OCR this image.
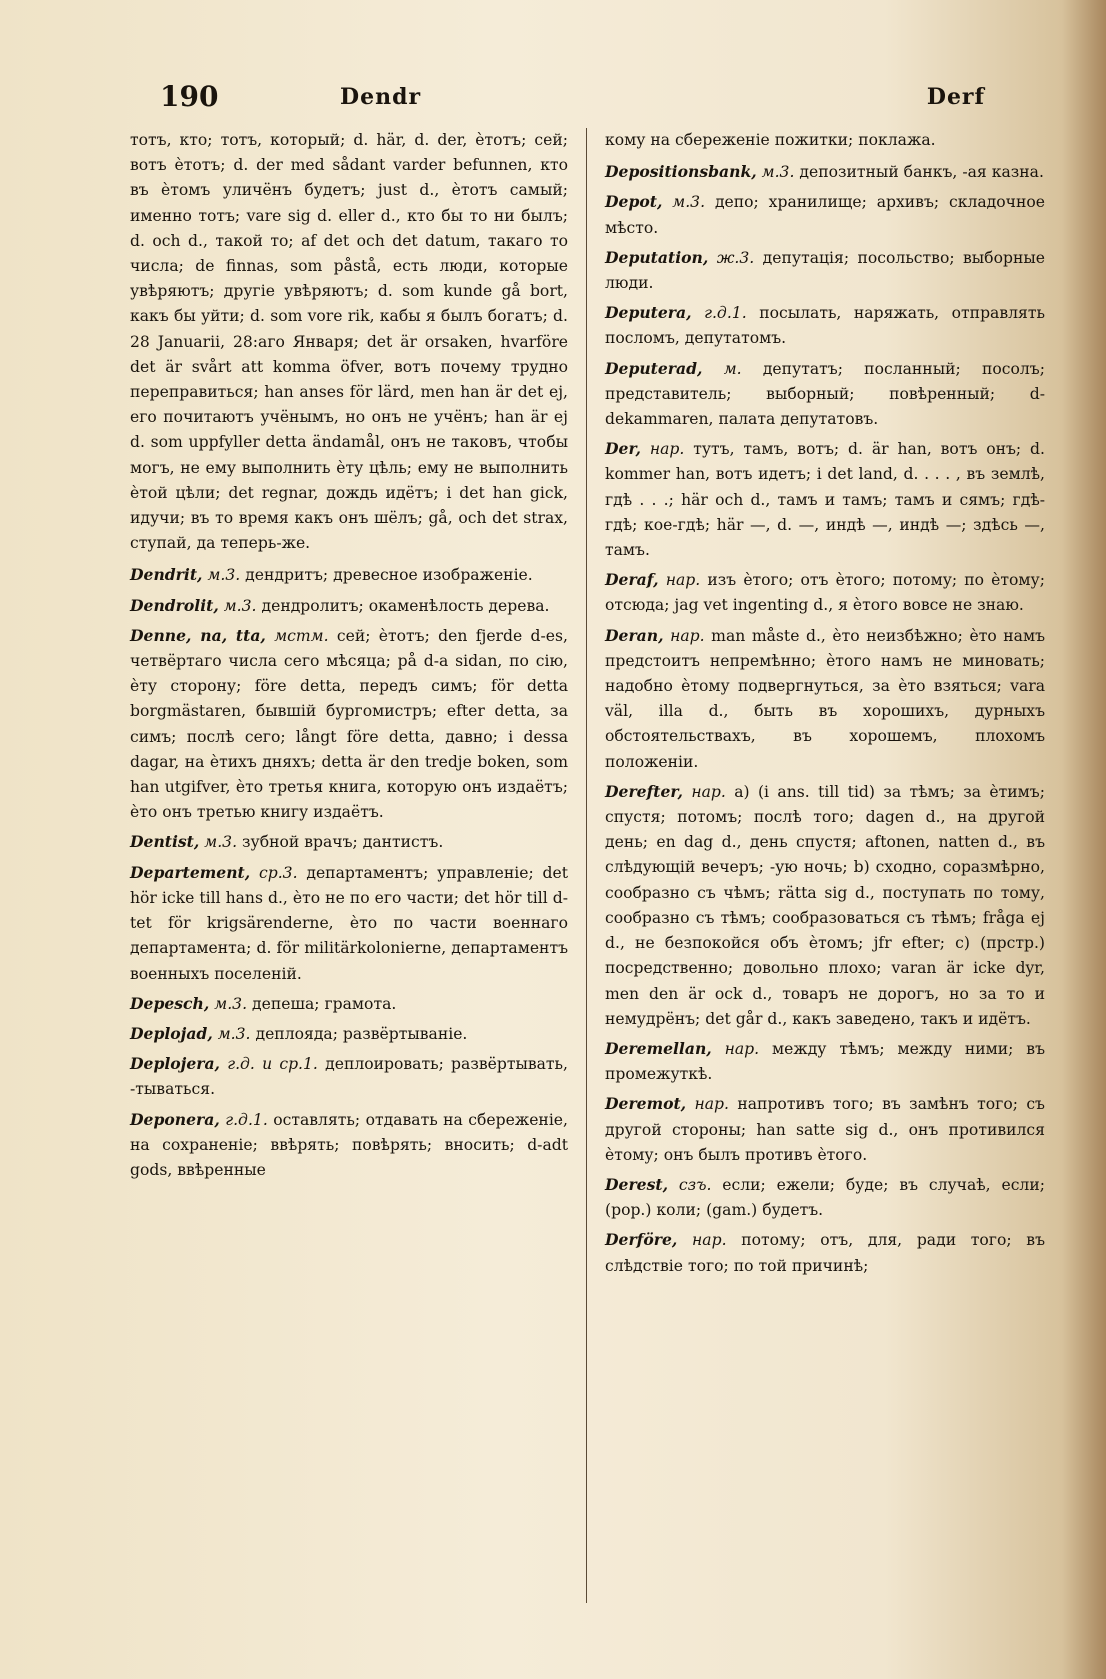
190	Dendr	Derf

тотъ, кто; тотъ, который; d. här, d. der, ѐтотъ; сей; вотъ ѐтотъ; d. der med sådant varder befunnen, кто въ ѐтомъ уличёнъ будетъ; just d., ѐтотъ самый; именно тотъ; vare sig d. eller d., кто бы то ни былъ; d. och d., такой то; af det och det datum, такаго то числа; de finnas, som påstå, есть люди, которые увѣряютъ; другіе увѣряютъ; d. som kunde gå bort, какъ бы уйти; d. som vore rik, кабы я былъ богатъ; d. 28 Januarii, 28:аго Января; det är orsaken, hvarföre det är svårt att komma öfver, вотъ почему трудно переправиться; han anses för lärd, men han är det ej, его почитаютъ учёнымъ, но онъ не учёнъ; han är ej d. som uppfyller detta ändamål, онъ не таковъ, чтобы могъ, не ему выполнить ѐту цѣль; ему не выполнить ѐтой цѣли; det regnar, дождь идётъ; i det han gick, идучи; въ то время какъ онъ шёлъ; gå, och det strax, ступай, да теперь-же.

Dendrit, м.3. дендритъ; древесное изображеніе.

Dendrolit, м.3. дендролитъ; окаменѣлость дерева.

Denne, na, tta, мстм. сей; ѐтотъ; den fjerde d-es, четвёртаго числа сего мѣсяца; på d-a sidan, по сію, ѐту сторону; före detta, передъ симъ; för detta borgmästaren, бывшій бургомистръ; efter detta, за симъ; послѣ сего; långt före detta, давно; i dessa dagar, на ѐтихъ дняхъ; detta är den tredje boken, som han utgifver, ѐто третья книга, которую онъ издаётъ; ѐто онъ третью книгу издаётъ.

Dentist, м.3. зубной врачъ; дантистъ.

Departement, ср.3. департаментъ; управленіе; det hör icke till hans d., ѐто не по его части; det hör till d-tet för krigsärenderne, ѐто по части военнаго департамента; d. för militärkolonierne, департаментъ военныхъ поселеній.

Depesch, м.3. депеша; грамота.

Deplojad, м.3. деплояда; развёртываніе.

Deplojera, г.д. и ср.1. деплоировать; развёртывать, -тываться.

Deponera, г.д.1. оставлять; отдавать на сбереженіе, на сохраненіе; ввѣрять; повѣрять; вносить; d-adt gods, ввѣренные

кому на сбереженіе пожитки; поклажа.

Depositionsbank, м.3. депозитный банкъ, -ая казна.

Depot, м.3. депо; хранилище; архивъ; складочное мѣсто.

Deputation, ж.3. депутація; посольство; выборные люди.

Deputera, г.д.1. посылать, наряжать, отправлять посломъ, депутатомъ.

Deputerad, м. депутатъ; посланный; посолъ; представитель; выборный; повѣренный; d-dekammaren, палата депутатовъ.

Der, нар. тутъ, тамъ, вотъ; d. är han, вотъ онъ; d. kommer han, вотъ идетъ; i det land, d. . . . , въ землѣ, гдѣ . . .; här och d., тамъ и тамъ; тамъ и сямъ; гдѣ-гдѣ; кое-гдѣ; här —, d. —, индѣ —, индѣ —; здѣсь —, тамъ.

Deraf, нар. изъ ѐтого; отъ ѐтого; потому; по ѐтому; отсюда; jag vet ingenting d., я ѐтого вовсе не знаю.

Deran, нар. man måste d., ѐто неизбѣжно; ѐто намъ предстоитъ непремѣнно; ѐтого намъ не миновать; надобно ѐтому подвергнуться, за ѐто взяться; vara väl, illa d., быть въ хорошихъ, дурныхъ обстоятельствахъ, въ хорошемъ, плохомъ положеніи.

Derefter, нар. a) (i ans. till tid) за тѣмъ; за ѐтимъ; спустя; потомъ; послѣ того; dagen d., на другой день; en dag d., день спустя; aftonen, natten d., въ слѣдующій вечеръ; -ую ночь; b) сходно, соразмѣрно, сообразно съ чѣмъ; rätta sig d., поступать по тому, сообразно съ тѣмъ; сообразоваться съ тѣмъ; fråga ej d., не безпокойся объ ѐтомъ; jfr efter; c) (прстр.) посредственно; довольно плохо; varan är icke dyr, men den är ock d., товаръ не дорогъ, но за то и немудрёнъ; det går d., какъ заведено, такъ и идётъ.

Deremellan, нар. между тѣмъ; между ними; въ промежуткѣ.

Deremot, нар. напротивъ того; въ замѣнъ того; съ другой стороны; han satte sig d., онъ противился ѐтому; онъ былъ противъ ѐтого.

Derest, сзъ. если; ежели; буде; въ случаѣ, если; (рор.) коли; (gam.) будетъ.

Derföre, нар. потому; отъ, для, ради того; въ слѣдствіе того; по той причинѣ;
